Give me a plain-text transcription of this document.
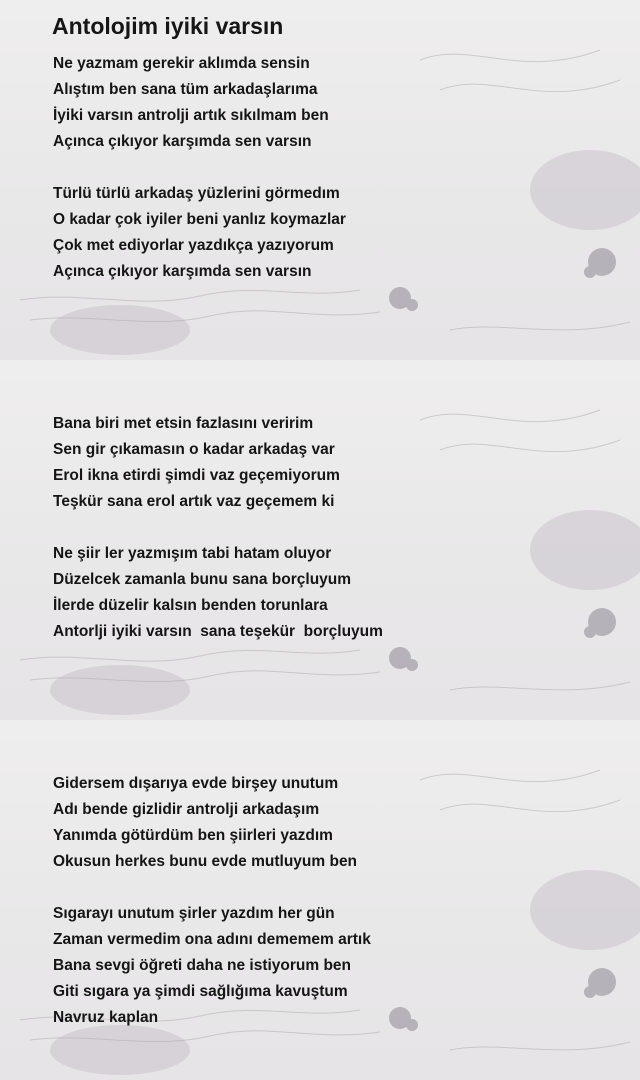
Antolojim iyiki varsın

Ne yazmam gerekir aklımda sensin

Alıştım ben sana tüm arkadaşlarıma

İyiki varsın antrolji artık sıkılmam ben

Açınca çıkıyor karşımda sen varsın

Türlü türlü arkadaş yüzlerini görmedım

O kadar çok iyiler beni yanlız koymazlar

Çok met ediyorlar yazdıkça yazıyorum

Açınca çıkıyor karşımda sen varsın

Bana biri met etsin fazlasını veririm

Sen gir çıkamasın o kadar arkadaş var

Erol ikna etirdi şimdi vaz geçemiyorum

Teşkür sana erol artık vaz geçemem ki

Ne şiir ler yazmışım tabi hatam oluyor

Düzelcek zamanla bunu sana borçluyum

İlerde düzelir kalsın benden torunlara

Antorlji iyiki varsın  sana teşekür  borçluyum

Gidersem dışarıya evde birşey unutum

Adı bende gizlidir antrolji arkadaşım

Yanımda götürdüm ben şiirleri yazdım

Okusun herkes bunu evde mutluyum ben

Sıgarayı unutum şirler yazdım her gün

Zaman vermedim ona adını dememem artık

Bana sevgi öğreti daha ne istiyorum ben

Giti sıgara ya şimdi sağlığıma kavuştum

Navruz kaplan
